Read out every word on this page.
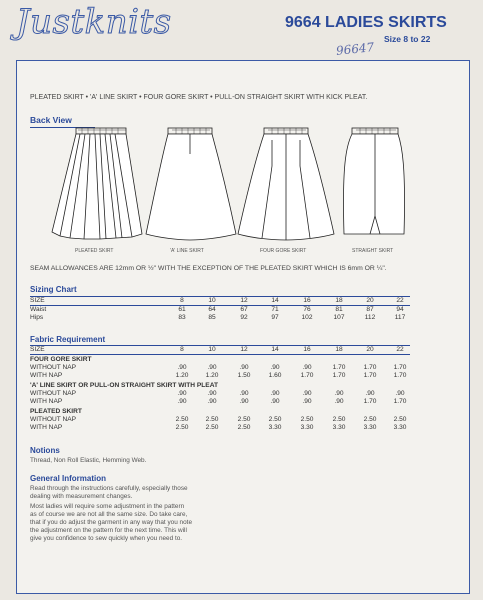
Justknits	9664 LADIES SKIRTS
Size 8 to 22
96647
PLEATED SKIRT • 'A' LINE SKIRT • FOUR GORE SKIRT • PULL-ON STRAIGHT SKIRT WITH KICK PLEAT.
Back View
PLEATED SKIRT	'A' LINE SKIRT	FOUR GORE SKIRT	STRAIGHT SKIRT
SEAM ALLOWANCES ARE 12mm OR ½" WITH THE EXCEPTION OF THE PLEATED SKIRT WHICH IS 6mm OR ¼".
Sizing Chart
SIZE	8	10	12	14	16	18	20	22
Waist	61	64	67	71	76	81	87	94
Hips	83	85	92	97	102	107	112	117
Fabric Requirement
SIZE	8	10	12	14	16	18	20	22
FOUR GORE SKIRT
WITHOUT NAP	.90	.90	.90	.90	.90	1.70	1.70	1.70
WITH NAP	1.20	1.20	1.50	1.60	1.70	1.70	1.70	1.70
'A' LINE SKIRT OR PULL-ON STRAIGHT SKIRT WITH PLEAT
WITHOUT NAP	.90	.90	.90	.90	.90	.90	.90	.90
WITH NAP	.90	.90	.90	.90	.90	.90	1.70	1.70
PLEATED SKIRT
WITHOUT NAP	2.50	2.50	2.50	2.50	2.50	2.50	2.50	2.50
WITH NAP	2.50	2.50	2.50	3.30	3.30	3.30	3.30	3.30
Notions
Thread, Non Roll Elastic, Hemming Web.
General Information
Read through the instructions carefully, especially those
dealing with measurement changes.
Most ladies will require some adjustment in the pattern
as of course we are not all the same size. Do take care,
that if you do adjust the garment in any way that you note
the adjustment on the pattern for the next time. This will
give you confidence to sew quickly when you need to.
